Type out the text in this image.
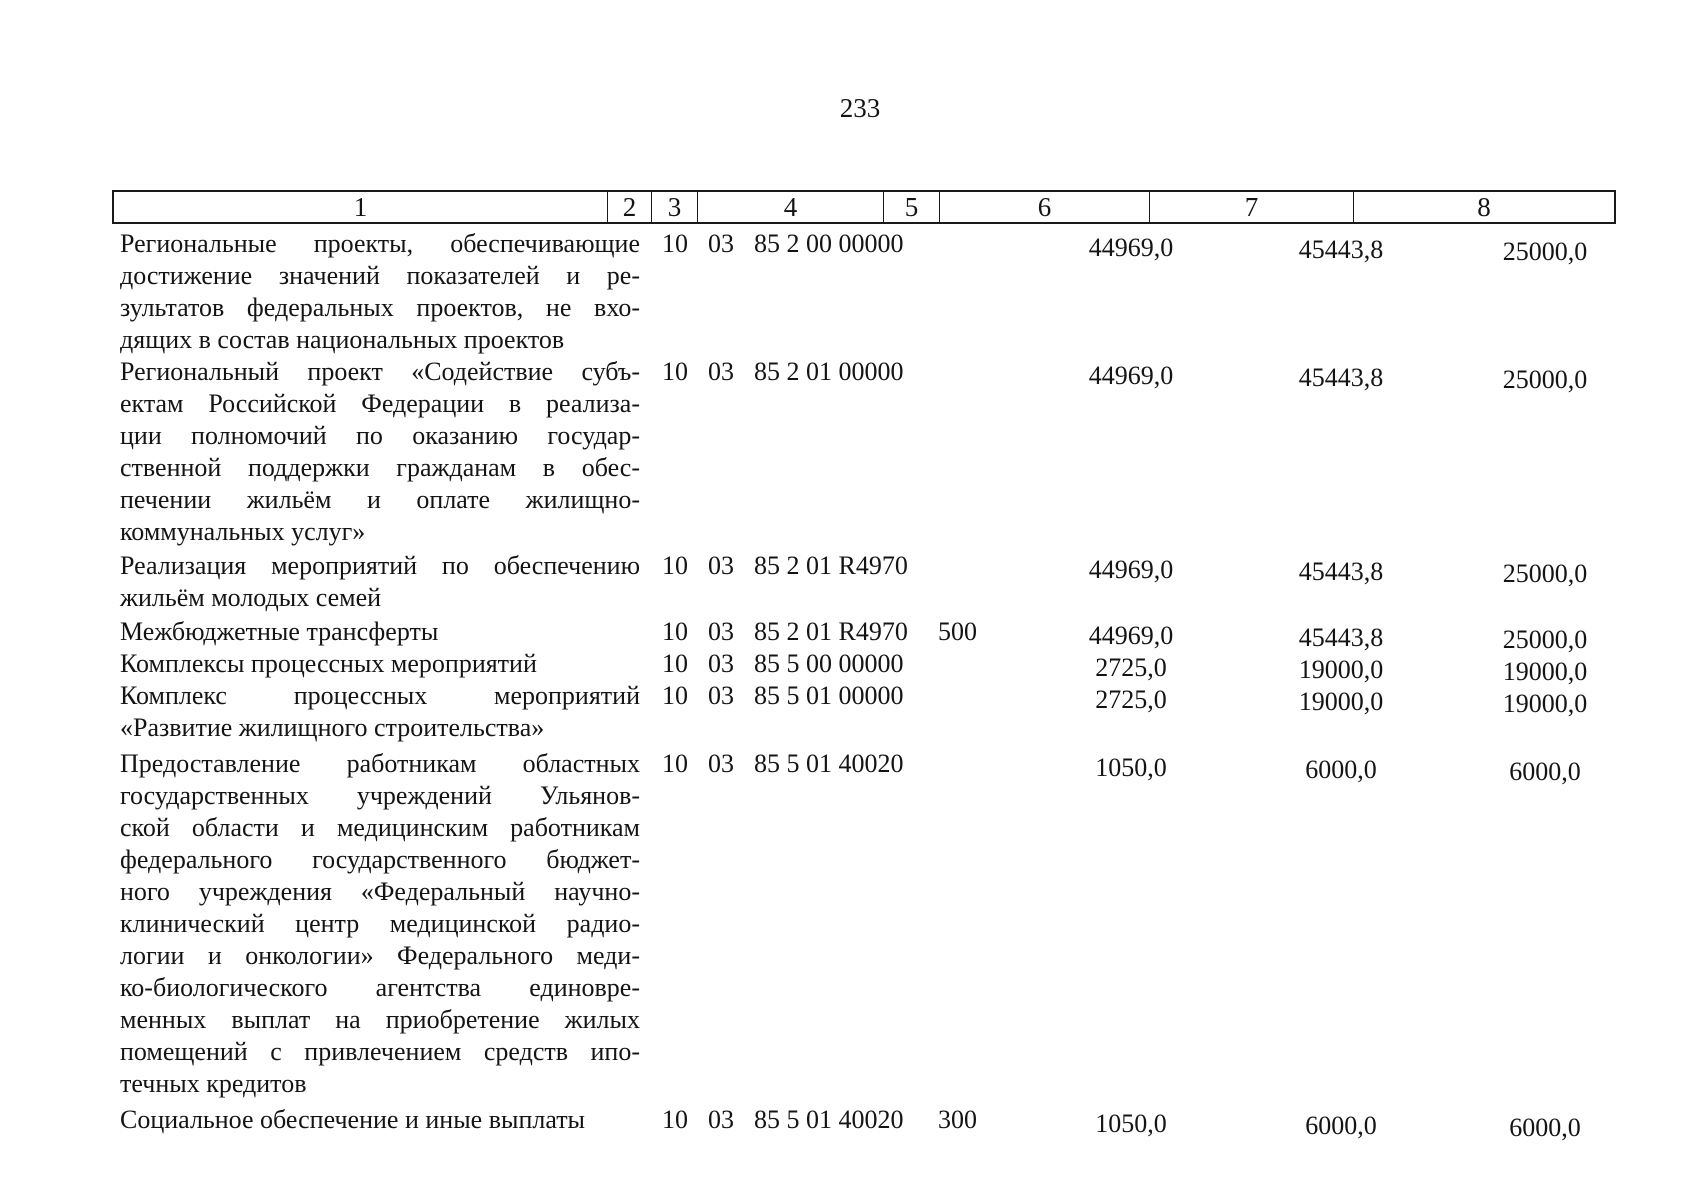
233
1	2	3	4	5	6	7	8
Региональные проекты, обеспечивающие
достижение значений показателей и ре-
зультатов федеральных проектов, не вхо-
дящих в состав национальных проектов
10 03 85 2 00 00000	44969,0	45443,8	25000,0
Региональный проект «Содействие субъ-
ектам Российской Федерации в реализа-
ции полномочий по оказанию государ-
ственной поддержки гражданам в обес-
печении жильём и оплате жилищно-
коммунальных услуг»
10 03 85 2 01 00000	44969,0	45443,8	25000,0
Реализация мероприятий по обеспечению
жильём молодых семей
10 03 85 2 01 R4970	44969,0	45443,8	25000,0
Межбюджетные трансферты	10 03 85 2 01 R4970 500	44969,0	45443,8	25000,0
Комплексы процессных мероприятий	10 03 85 5 00 00000	2725,0	19000,0	19000,0
Комплекс процессных мероприятий
«Развитие жилищного строительства»
10 03 85 5 01 00000	2725,0	19000,0	19000,0
Предоставление работникам областных
государственных учреждений Ульянов-
ской области и медицинским работникам
федерального государственного бюджет-
ного учреждения «Федеральный научно-
клинический центр медицинской радио-
логии и онкологии» Федерального меди-
ко-биологического агентства единовре-
менных выплат на приобретение жилых
помещений с привлечением средств ипо-
течных кредитов
10 03 85 5 01 40020	1050,0	6000,0	6000,0
Социальное обеспечение и иные выплаты	10 03 85 5 01 40020 300	1050,0	6000,0	6000,0
